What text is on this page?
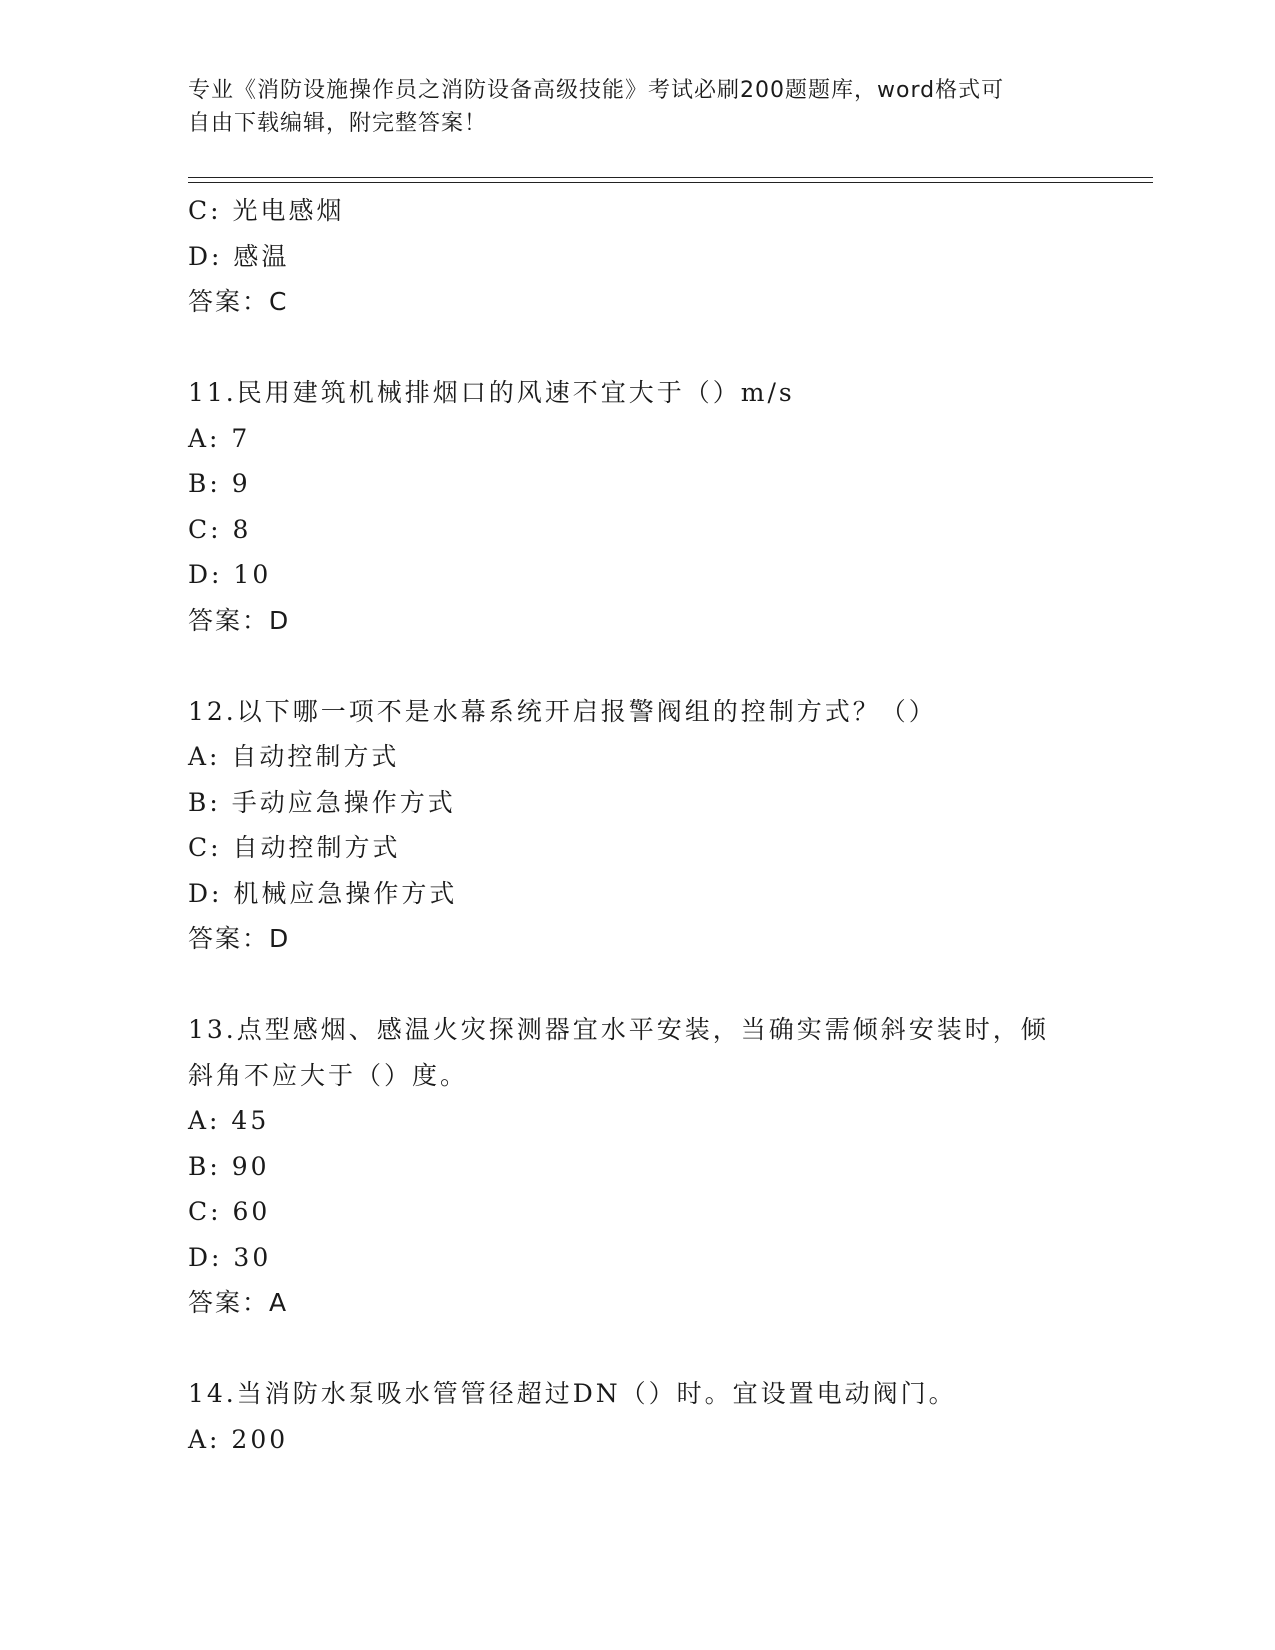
专业《消防设施操作员之消防设备高级技能》考试必刷200题题库，word格式可
自由下载编辑，附完整答案！
C: 光电感烟
D: 感温
答案：C
11.民用建筑机械排烟口的风速不宜大于（）m/s
A: 7
B: 9
C: 8
D: 10
答案：D
12.以下哪一项不是水幕系统开启报警阀组的控制方式？（）
A: 自动控制方式
B: 手动应急操作方式
C: 自动控制方式
D: 机械应急操作方式
答案：D
13.点型感烟、感温火灾探测器宜水平安装，当确实需倾斜安装时，倾
斜角不应大于（）度。
A: 45
B: 90
C: 60
D: 30
答案：A
14.当消防水泵吸水管管径超过DN（）时。宜设置电动阀门。
A: 200
